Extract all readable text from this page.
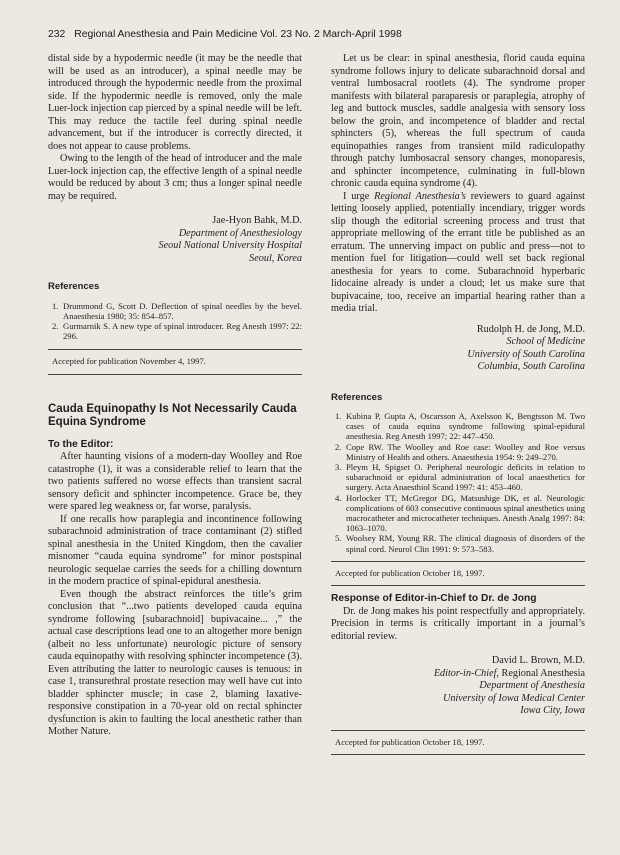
232 Regional Anesthesia and Pain Medicine Vol. 23 No. 2 March-April 1998

distal side by a hypodermic needle (it may be the needle that will be used as an introducer), a spinal needle may be introduced through the hypodermic needle from the proximal side. If the hypodermic needle is removed, only the male Luer-lock injection cap pierced by a spinal needle will be left. This may reduce the tactile feel during spinal needle advancement, but if the introducer is correctly directed, it does not appear to cause problems.

Owing to the length of the head of introducer and the male Luer-lock injection cap, the effective length of a spinal needle would be reduced by about 3 cm; thus a longer spinal needle may be required.

Jae-Hyon Bahk, M.D.
Department of Anesthesiology
Seoul National University Hospital
Seoul, Korea
References
1. Drummond G, Scott D. Deflection of spinal needles by the bevel. Anaesthesia 1980; 35: 854–857.
2. Gurmarnik S. A new type of spinal introducer. Reg Anesth 1997: 22: 296.
Accepted for publication November 4, 1997.
Cauda Equinopathy Is Not Necessarily Cauda Equina Syndrome
To the Editor:

After haunting visions of a modern-day Woolley and Roe catastrophe (1), it was a considerable relief to learn that the two patients suffered no worse effects than transient sacral sensory deficit and sphincter incompetence. Grace be, they were spared leg weakness or, far worse, paralysis.

If one recalls how paraplegia and incontinence following subarachnoid administration of trace contaminant (2) stifled spinal anesthesia in the United Kingdom, then the cavalier misnomer “cauda equina syndrome” for minor postspinal neurologic sequelae carries the seeds for a chilling downturn in the modern practice of spinal-epidural anesthesia.

Even though the abstract reinforces the title’s grim conclusion that “...two patients developed cauda equina syndrome following [subarachnoid] bupivacaine... ,” the actual case descriptions lead one to an altogether more benign (albeit no less unfortunate) neurologic picture of sensory cauda equinopathy with resolving sphincter incompetence (3). Even attributing the latter to neurologic causes is tenuous: in case 1, transurethral prostate resection may well have cut into bladder sphincter muscle; in case 2, blaming laxative-responsive constipation in a 70-year old on rectal sphincter dysfunction is akin to faulting the local anesthetic rather than Mother Nature.

Let us be clear: in spinal anesthesia, florid cauda equina syndrome follows injury to delicate subarachnoid dorsal and ventral lumbosacral rootlets (4). The syndrome proper manifests with bilateral paraparesis or paraplegia, atrophy of leg and buttock muscles, saddle analgesia with sensory loss below the groin, and incompetence of bladder and rectal sphincters (5), whereas the full spectrum of cauda equinopathies ranges from transient mild radiculopathy through patchy lumbosacral sensory changes, monoparesis, and sphincter incompetence, culminating in full-blown chronic cauda equina syndrome (4).

I urge Regional Anesthesia’s reviewers to guard against letting loosely applied, potentially incendiary, trigger words slip though the editorial screening process and trust that appropriate mellowing of the errant title be published as an erratum. The unnerving impact on public and press—not to mention fuel for litigation—could well set back regional anesthesia for years to come. Subarachnoid hyperbaric lidocaine already is under a cloud; let us make sure that bupivacaine, too, receive an impartial hearing rather than a media trial.

Rudolph H. de Jong, M.D.
School of Medicine
University of South Carolina
Columbia, South Carolina
References
1. Kubina P, Gupta A, Oscarsson A, Axelsson K, Bengtsson M. Two cases of cauda equina syndrome following spinal-epidural anesthesia. Reg Anesth 1997; 22: 447–450.
2. Cope RW. The Woolley and Roe case: Woolley and Roe versus Ministry of Health and others. Anaesthesia 1954: 9: 249–270.
3. Pleym H, Spigset O. Peripheral neurologic deficits in relation to subarachnoid or epidural administration of local anaesthetics for surgery. Acta Anaesthiol Scand 1997: 41: 453–460.
4. Horlocker TT, McGregor DG, Matsushige DK, et al. Neurologic complications of 603 consecutive continuous spinal anesthetics using macrocatheter and microcatheter techniques. Anesth Analg 1997: 84: 1063–1070.
5. Woolsey RM, Young RR. The clinical diagnosis of disorders of the spinal cord. Neurol Clin 1991: 9: 573–583.
Accepted for publication October 18, 1997.
Response of Editor-in-Chief to Dr. de Jong

Dr. de Jong makes his point respectfully and appropriately. Precision in terms is critically important in a journal’s editorial review.

David L. Brown, M.D.
Editor-in-Chief, Regional Anesthesia
Department of Anesthesia
University of Iowa Medical Center
Iowa City, Iowa
Accepted for publication October 18, 1997.
